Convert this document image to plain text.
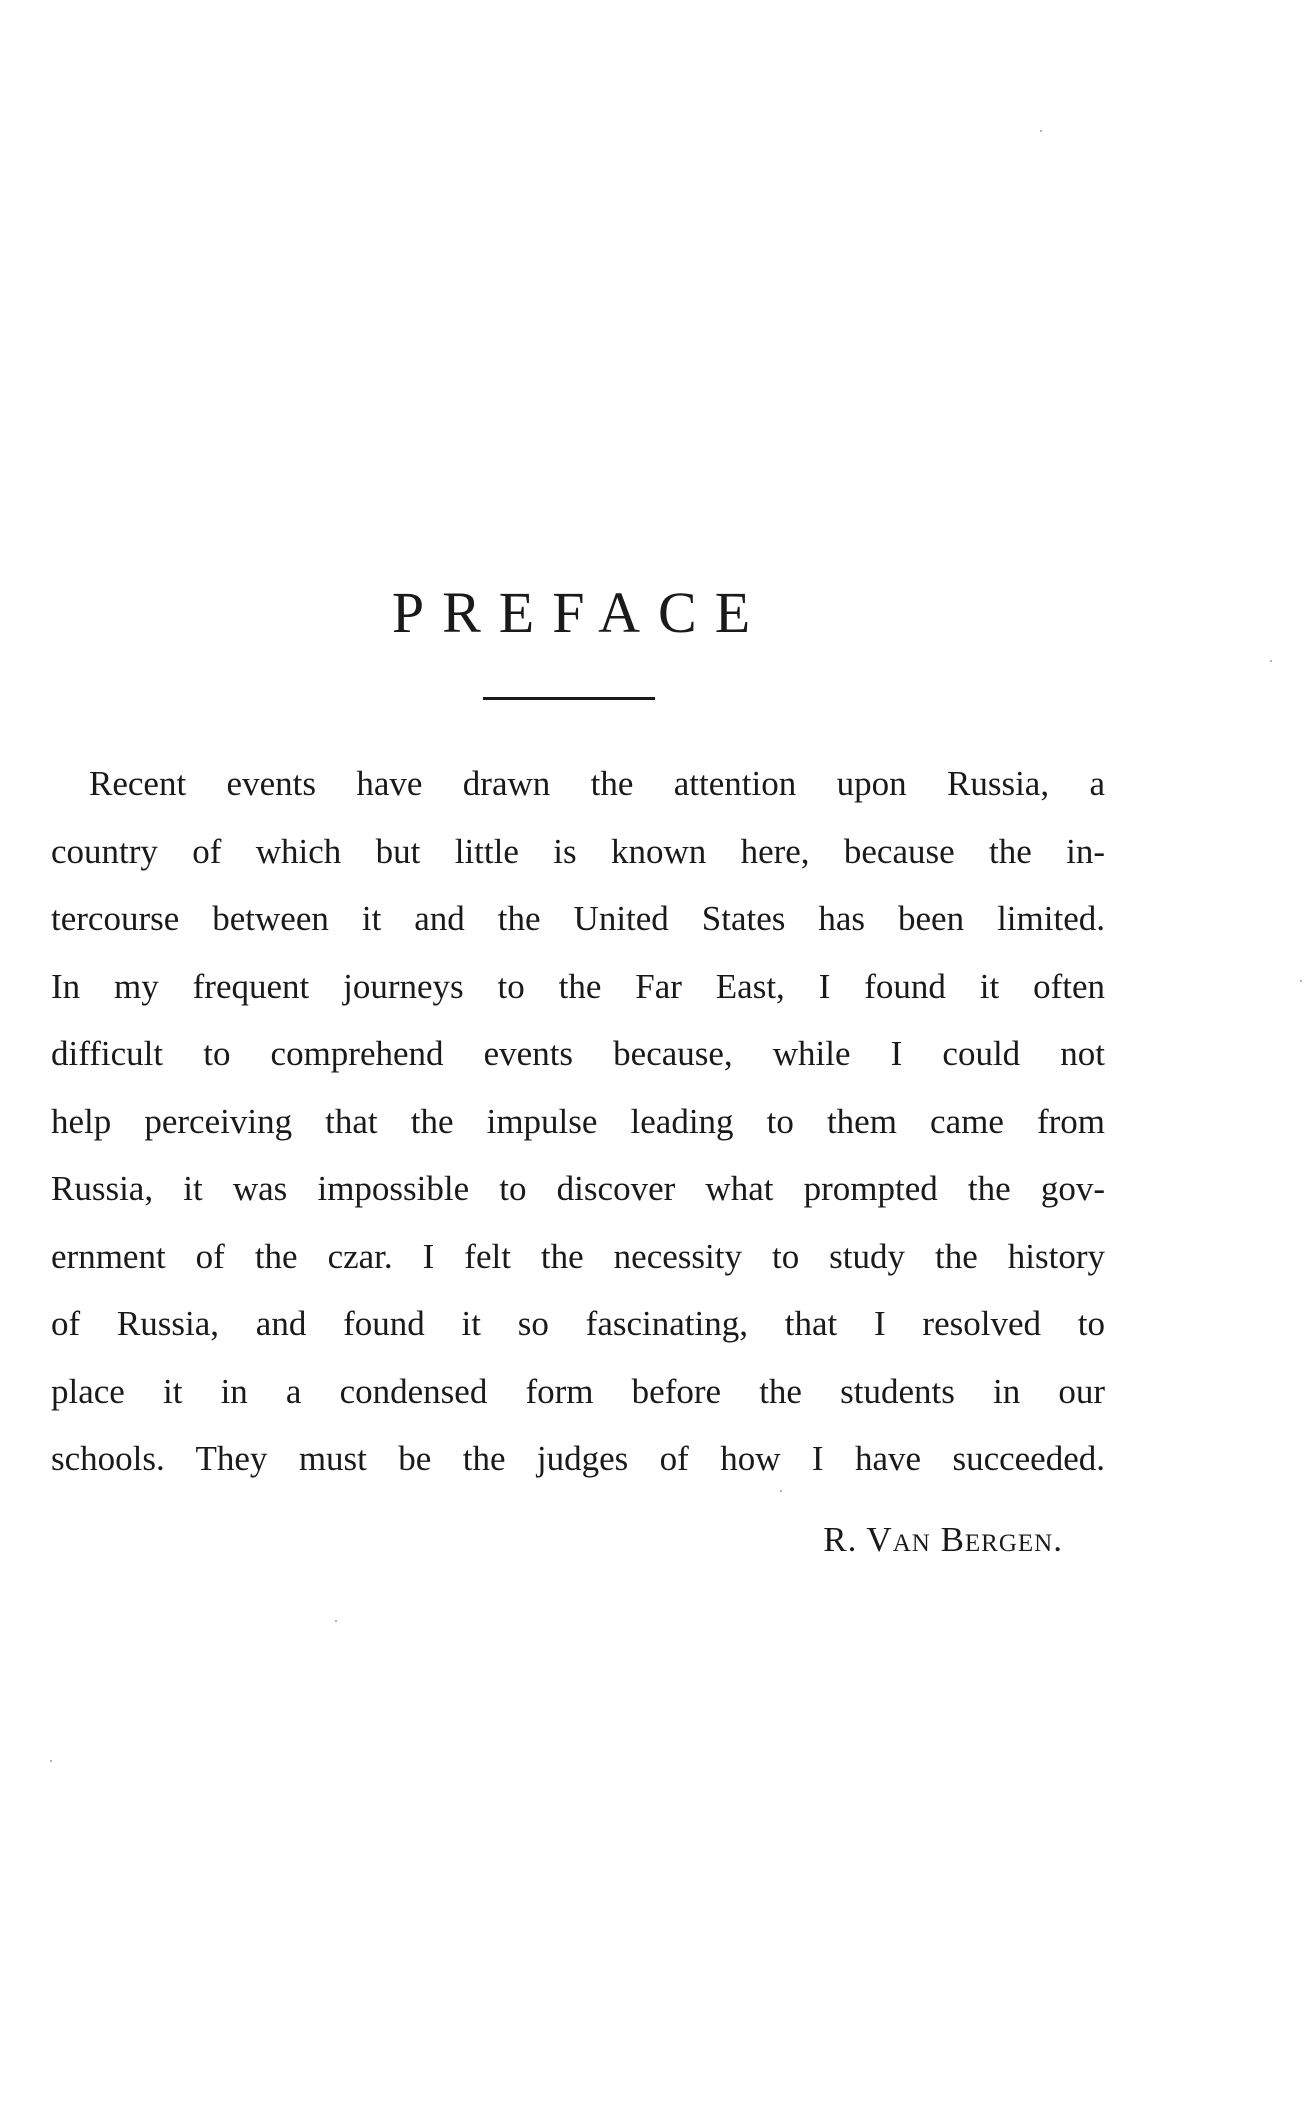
PREFACE
Recent events have drawn the attention upon Russia, a
country of which but little is known here, because the in-
tercourse between it and the United States has been limited.
In my frequent journeys to the Far East, I found it often
difficult to comprehend events because, while I could not
help perceiving that the impulse leading to them came from
Russia, it was impossible to discover what prompted the gov-
ernment of the czar. I felt the necessity to study the history
of Russia, and found it so fascinating, that I resolved to
place it in a condensed form before the students in our
schools. They must be the judges of how I have succeeded.

R. Van Bergen.
